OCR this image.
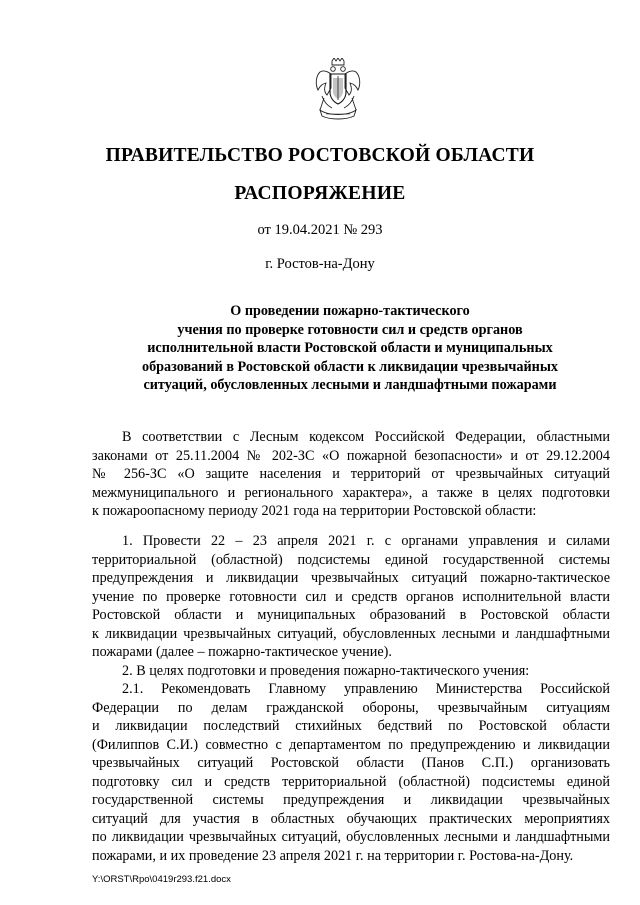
ПРАВИТЕЛЬСТВО РОСТОВСКОЙ ОБЛАСТИ
РАСПОРЯЖЕНИЕ
от 19.04.2021 № 293
г. Ростов-на-Дону
О проведении пожарно-тактического
учения по проверке готовности сил и средств органов
исполнительной власти Ростовской области и муниципальных
образований в Ростовской области к ликвидации чрезвычайных
ситуаций, обусловленных лесными и ландшафтными пожарами
В соответствии с Лесным кодексом Российской Федерации, областными
законами от 25.11.2004 № 202-ЗС «О пожарной безопасности» и от 29.12.2004
№ 256-ЗС «О защите населения и территорий от чрезвычайных ситуаций
межмуниципального и регионального характера», а также в целях подготовки
к пожароопасному периоду 2021 года на территории Ростовской области:
1. Провести 22 – 23 апреля 2021 г. с органами управления и силами
территориальной (областной) подсистемы единой государственной системы
предупреждения и ликвидации чрезвычайных ситуаций пожарно-тактическое
учение по проверке готовности сил и средств органов исполнительной власти
Ростовской области и муниципальных образований в Ростовской области
к ликвидации чрезвычайных ситуаций, обусловленных лесными и ландшафтными
пожарами (далее – пожарно-тактическое учение).
2. В целях подготовки и проведения пожарно-тактического учения:
2.1. Рекомендовать Главному управлению Министерства Российской
Федерации по делам гражданской обороны, чрезвычайным ситуациям
и ликвидации последствий стихийных бедствий по Ростовской области
(Филиппов С.И.) совместно с департаментом по предупреждению и ликвидации
чрезвычайных ситуаций Ростовской области (Панов С.П.) организовать
подготовку сил и средств территориальной (областной) подсистемы единой
государственной системы предупреждения и ликвидации чрезвычайных
ситуаций для участия в областных обучающих практических мероприятиях
по ликвидации чрезвычайных ситуаций, обусловленных лесными и ландшафтными
пожарами, и их проведение 23 апреля 2021 г. на территории г. Ростова-на-Дону.
Y:\ORST\Rpo\0419r293.f21.docx
